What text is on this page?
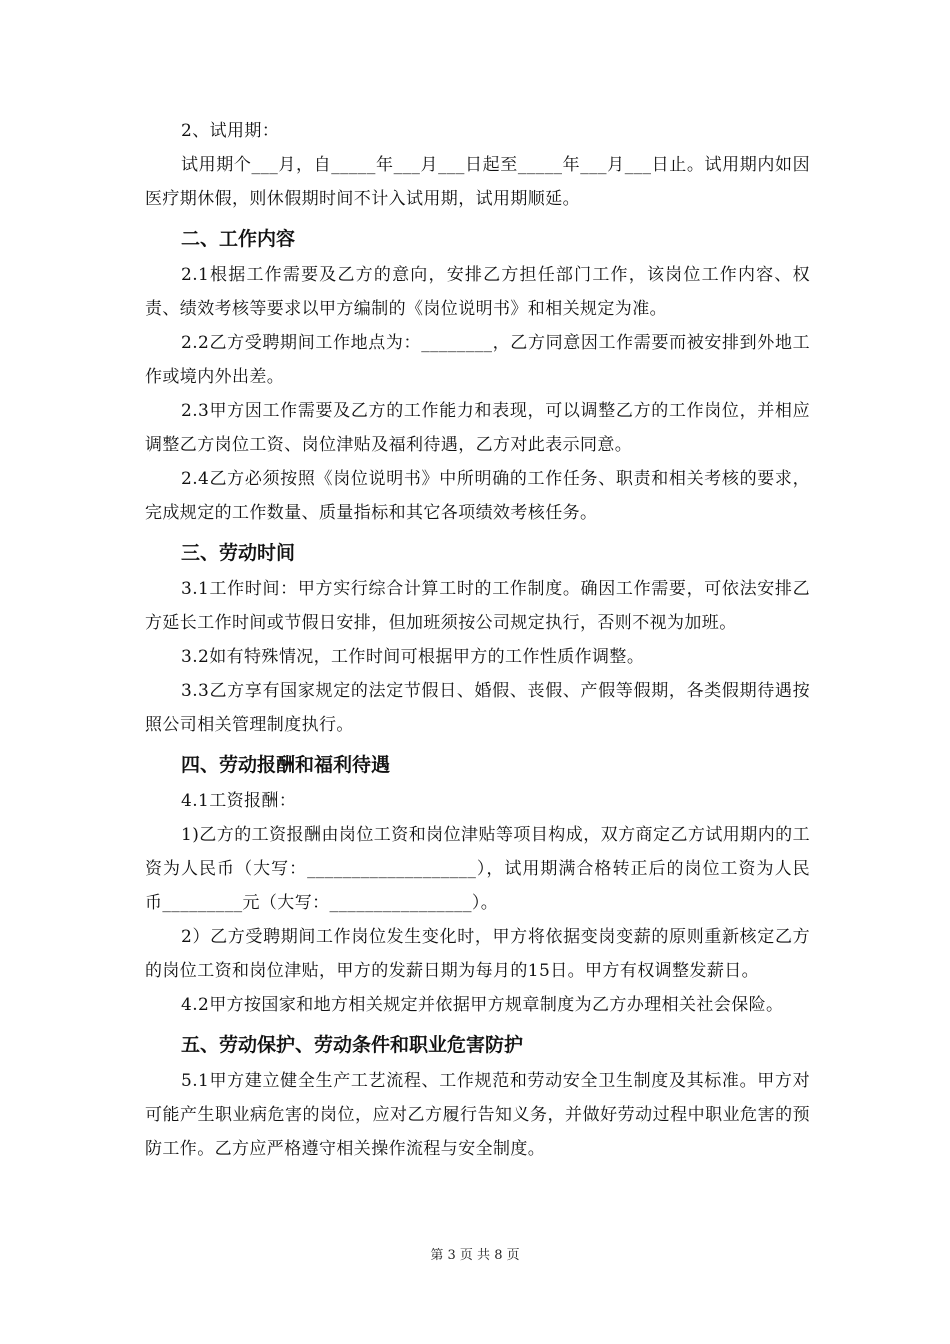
2、试用期：

试用期个___月，自_____年___月___日起至_____年___月___日止。试用期内如因医疗期休假，则休假期时间不计入试用期，试用期顺延。

二、工作内容

2.1根据工作需要及乙方的意向，安排乙方担任部门工作，该岗位工作内容、权责、绩效考核等要求以甲方编制的《岗位说明书》和相关规定为准。

2.2乙方受聘期间工作地点为：________，乙方同意因工作需要而被安排到外地工作或境内外出差。

2.3甲方因工作需要及乙方的工作能力和表现，可以调整乙方的工作岗位，并相应调整乙方岗位工资、岗位津贴及福利待遇，乙方对此表示同意。

2.4乙方必须按照《岗位说明书》中所明确的工作任务、职责和相关考核的要求，完成规定的工作数量、质量指标和其它各项绩效考核任务。

三、劳动时间

3.1工作时间：甲方实行综合计算工时的工作制度。确因工作需要，可依法安排乙方延长工作时间或节假日安排，但加班须按公司规定执行，否则不视为加班。

3.2如有特殊情况，工作时间可根据甲方的工作性质作调整。

3.3乙方享有国家规定的法定节假日、婚假、丧假、产假等假期，各类假期待遇按照公司相关管理制度执行。

四、劳动报酬和福利待遇

4.1工资报酬：

1)乙方的工资报酬由岗位工资和岗位津贴等项目构成，双方商定乙方试用期内的工资为人民币（大写：___________________），试用期满合格转正后的岗位工资为人民币_________元（大写：________________）。

2）乙方受聘期间工作岗位发生变化时，甲方将依据变岗变薪的原则重新核定乙方的岗位工资和岗位津贴，甲方的发薪日期为每月的15日。甲方有权调整发薪日。

4.2甲方按国家和地方相关规定并依据甲方规章制度为乙方办理相关社会保险。

五、劳动保护、劳动条件和职业危害防护

5.1甲方建立健全生产工艺流程、工作规范和劳动安全卫生制度及其标准。甲方对可能产生职业病危害的岗位，应对乙方履行告知义务，并做好劳动过程中职业危害的预防工作。乙方应严格遵守相关操作流程与安全制度。

第 3 页 共 8 页
